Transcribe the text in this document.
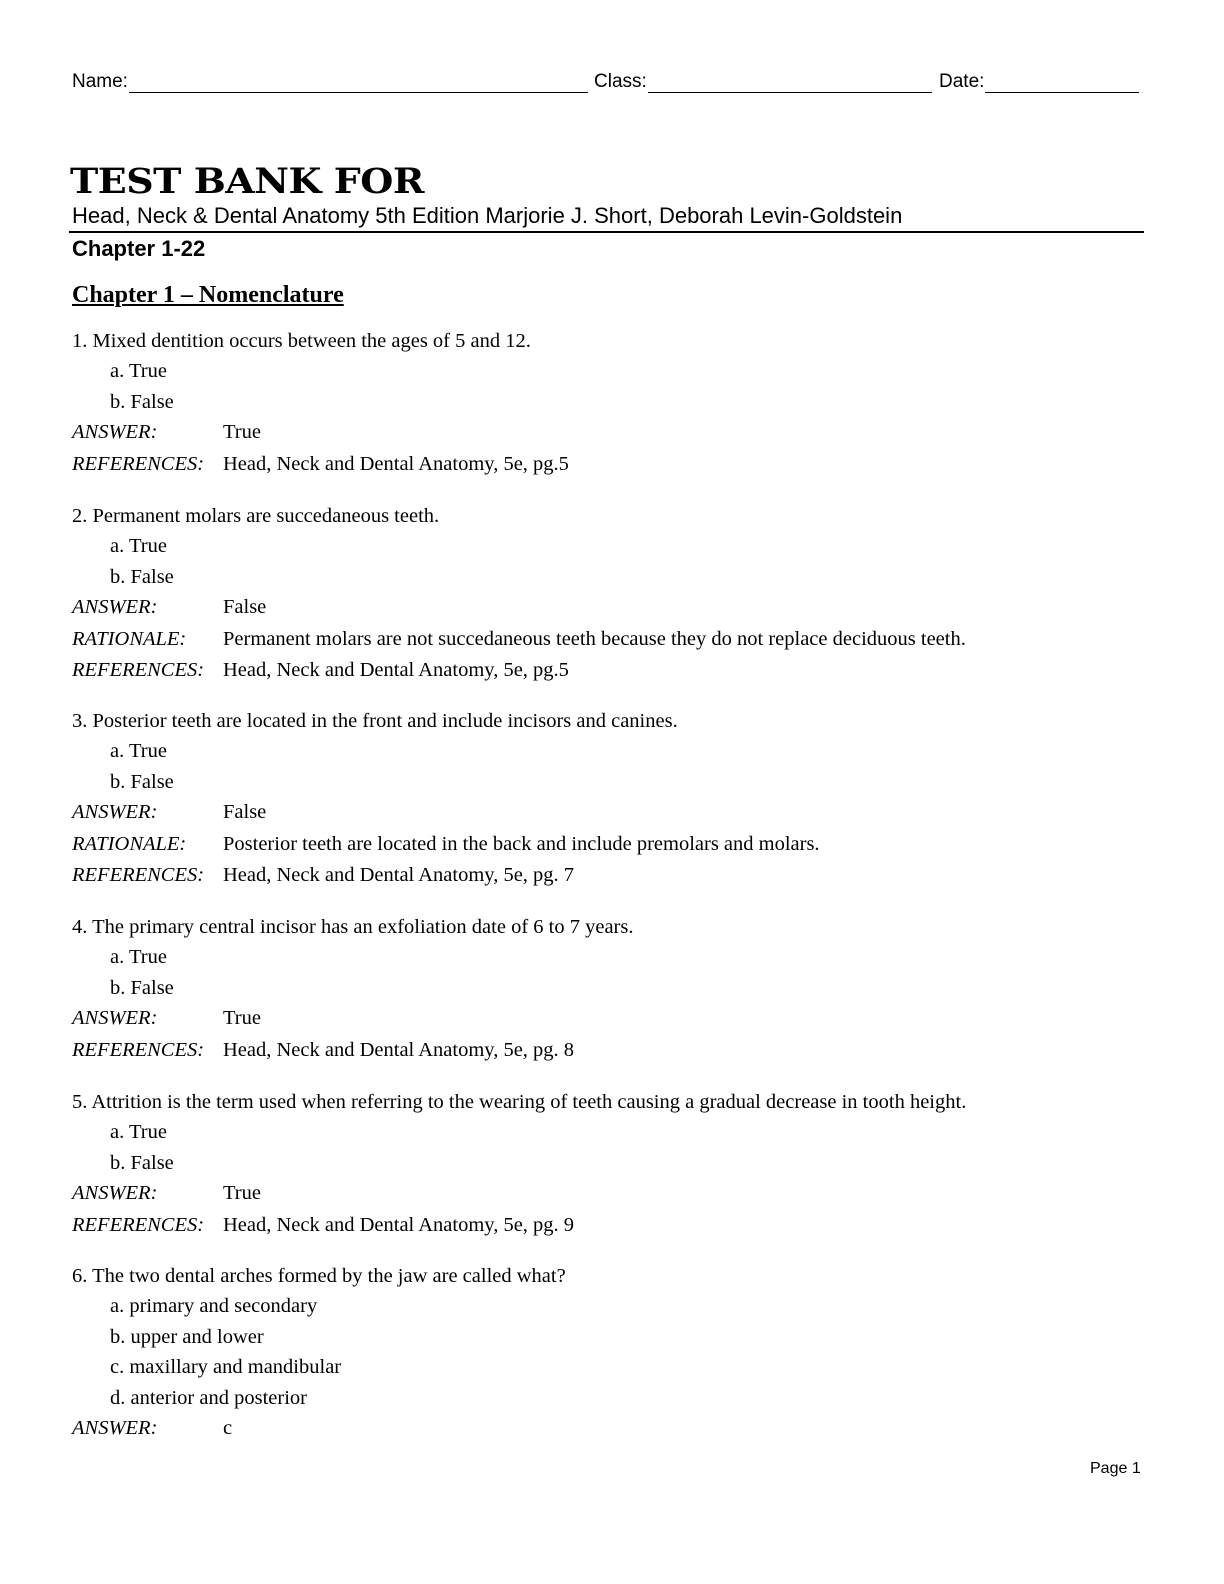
Name:	Class:	Date:
TEST BANK FOR
Head, Neck & Dental Anatomy 5th Edition Marjorie J. Short, Deborah Levin-Goldstein
Chapter 1-22
Chapter 1 – Nomenclature
1. Mixed dentition occurs between the ages of 5 and 12.
a. True
b. False
ANSWER:	True
REFERENCES: Head, Neck and Dental Anatomy, 5e, pg.5
2. Permanent molars are succedaneous teeth.
a. True
b. False
ANSWER:	False
RATIONALE:	Permanent molars are not succedaneous teeth because they do not replace deciduous teeth.
REFERENCES: Head, Neck and Dental Anatomy, 5e, pg.5
3. Posterior teeth are located in the front and include incisors and canines.
a. True
b. False
ANSWER:	False
RATIONALE:	Posterior teeth are located in the back and include premolars and molars.
REFERENCES: Head, Neck and Dental Anatomy, 5e, pg. 7
4. The primary central incisor has an exfoliation date of 6 to 7 years.
a. True
b. False
ANSWER:	True
REFERENCES: Head, Neck and Dental Anatomy, 5e, pg. 8
5. Attrition is the term used when referring to the wearing of teeth causing a gradual decrease in tooth height.
a. True
b. False
ANSWER:	True
REFERENCES: Head, Neck and Dental Anatomy, 5e, pg. 9
6. The two dental arches formed by the jaw are called what?
a. primary and secondary
b. upper and lower
c. maxillary and mandibular
d. anterior and posterior
ANSWER:	c
Page 1
